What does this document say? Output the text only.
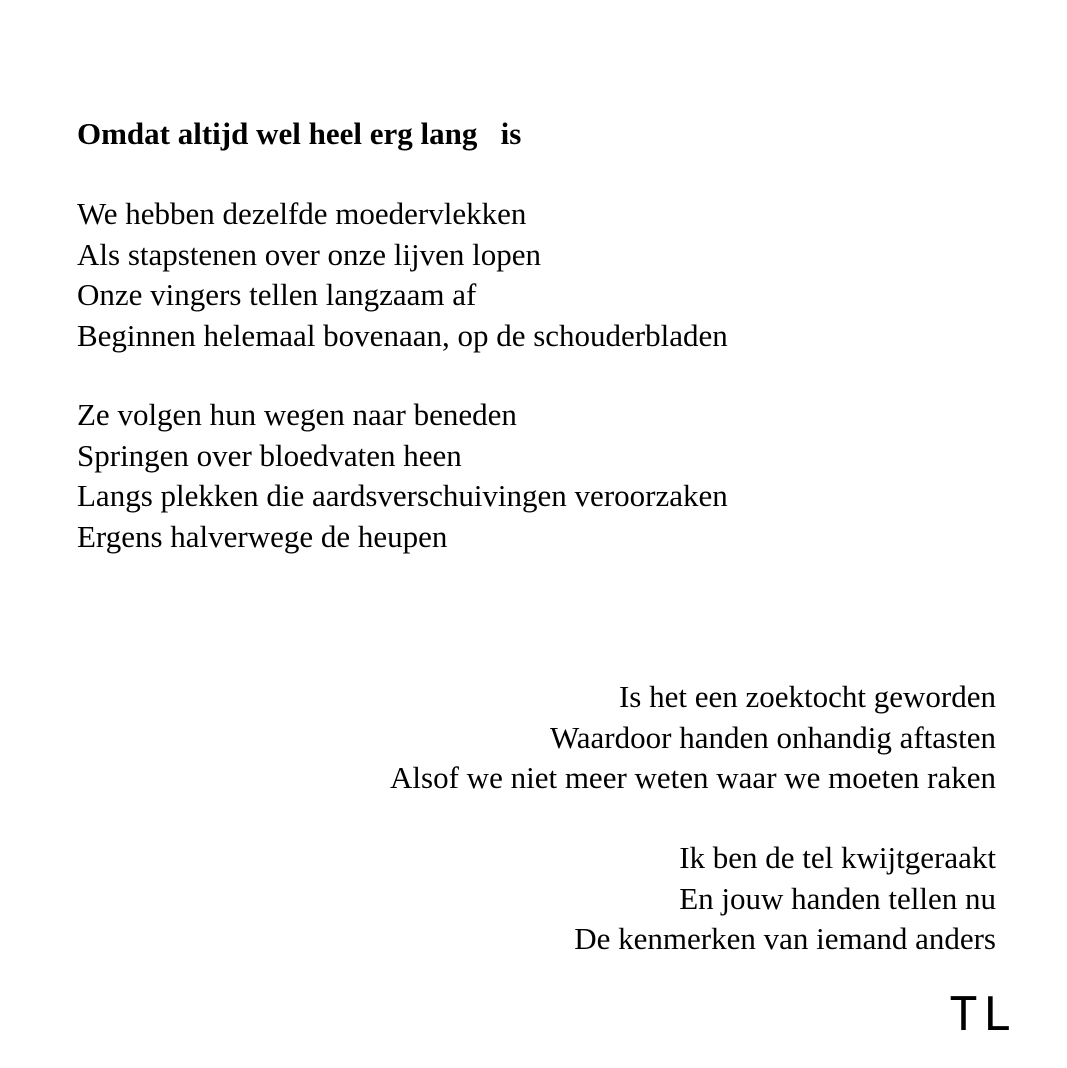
Omdat altijd wel heel erg lang   is
We hebben dezelfde moedervlekken
Als stapstenen over onze lijven lopen
Onze vingers tellen langzaam af
Beginnen helemaal bovenaan, op de schouderbladen
Ze volgen hun wegen naar beneden
Springen over bloedvaten heen
Langs plekken die aardsverschuivingen veroorzaken
Ergens halverwege de heupen
Is het een zoektocht geworden
Waardoor handen onhandig aftasten
Alsof we niet meer weten waar we moeten raken
Ik ben de tel kwijtgeraakt
En jouw handen tellen nu
De kenmerken van iemand anders
TL
